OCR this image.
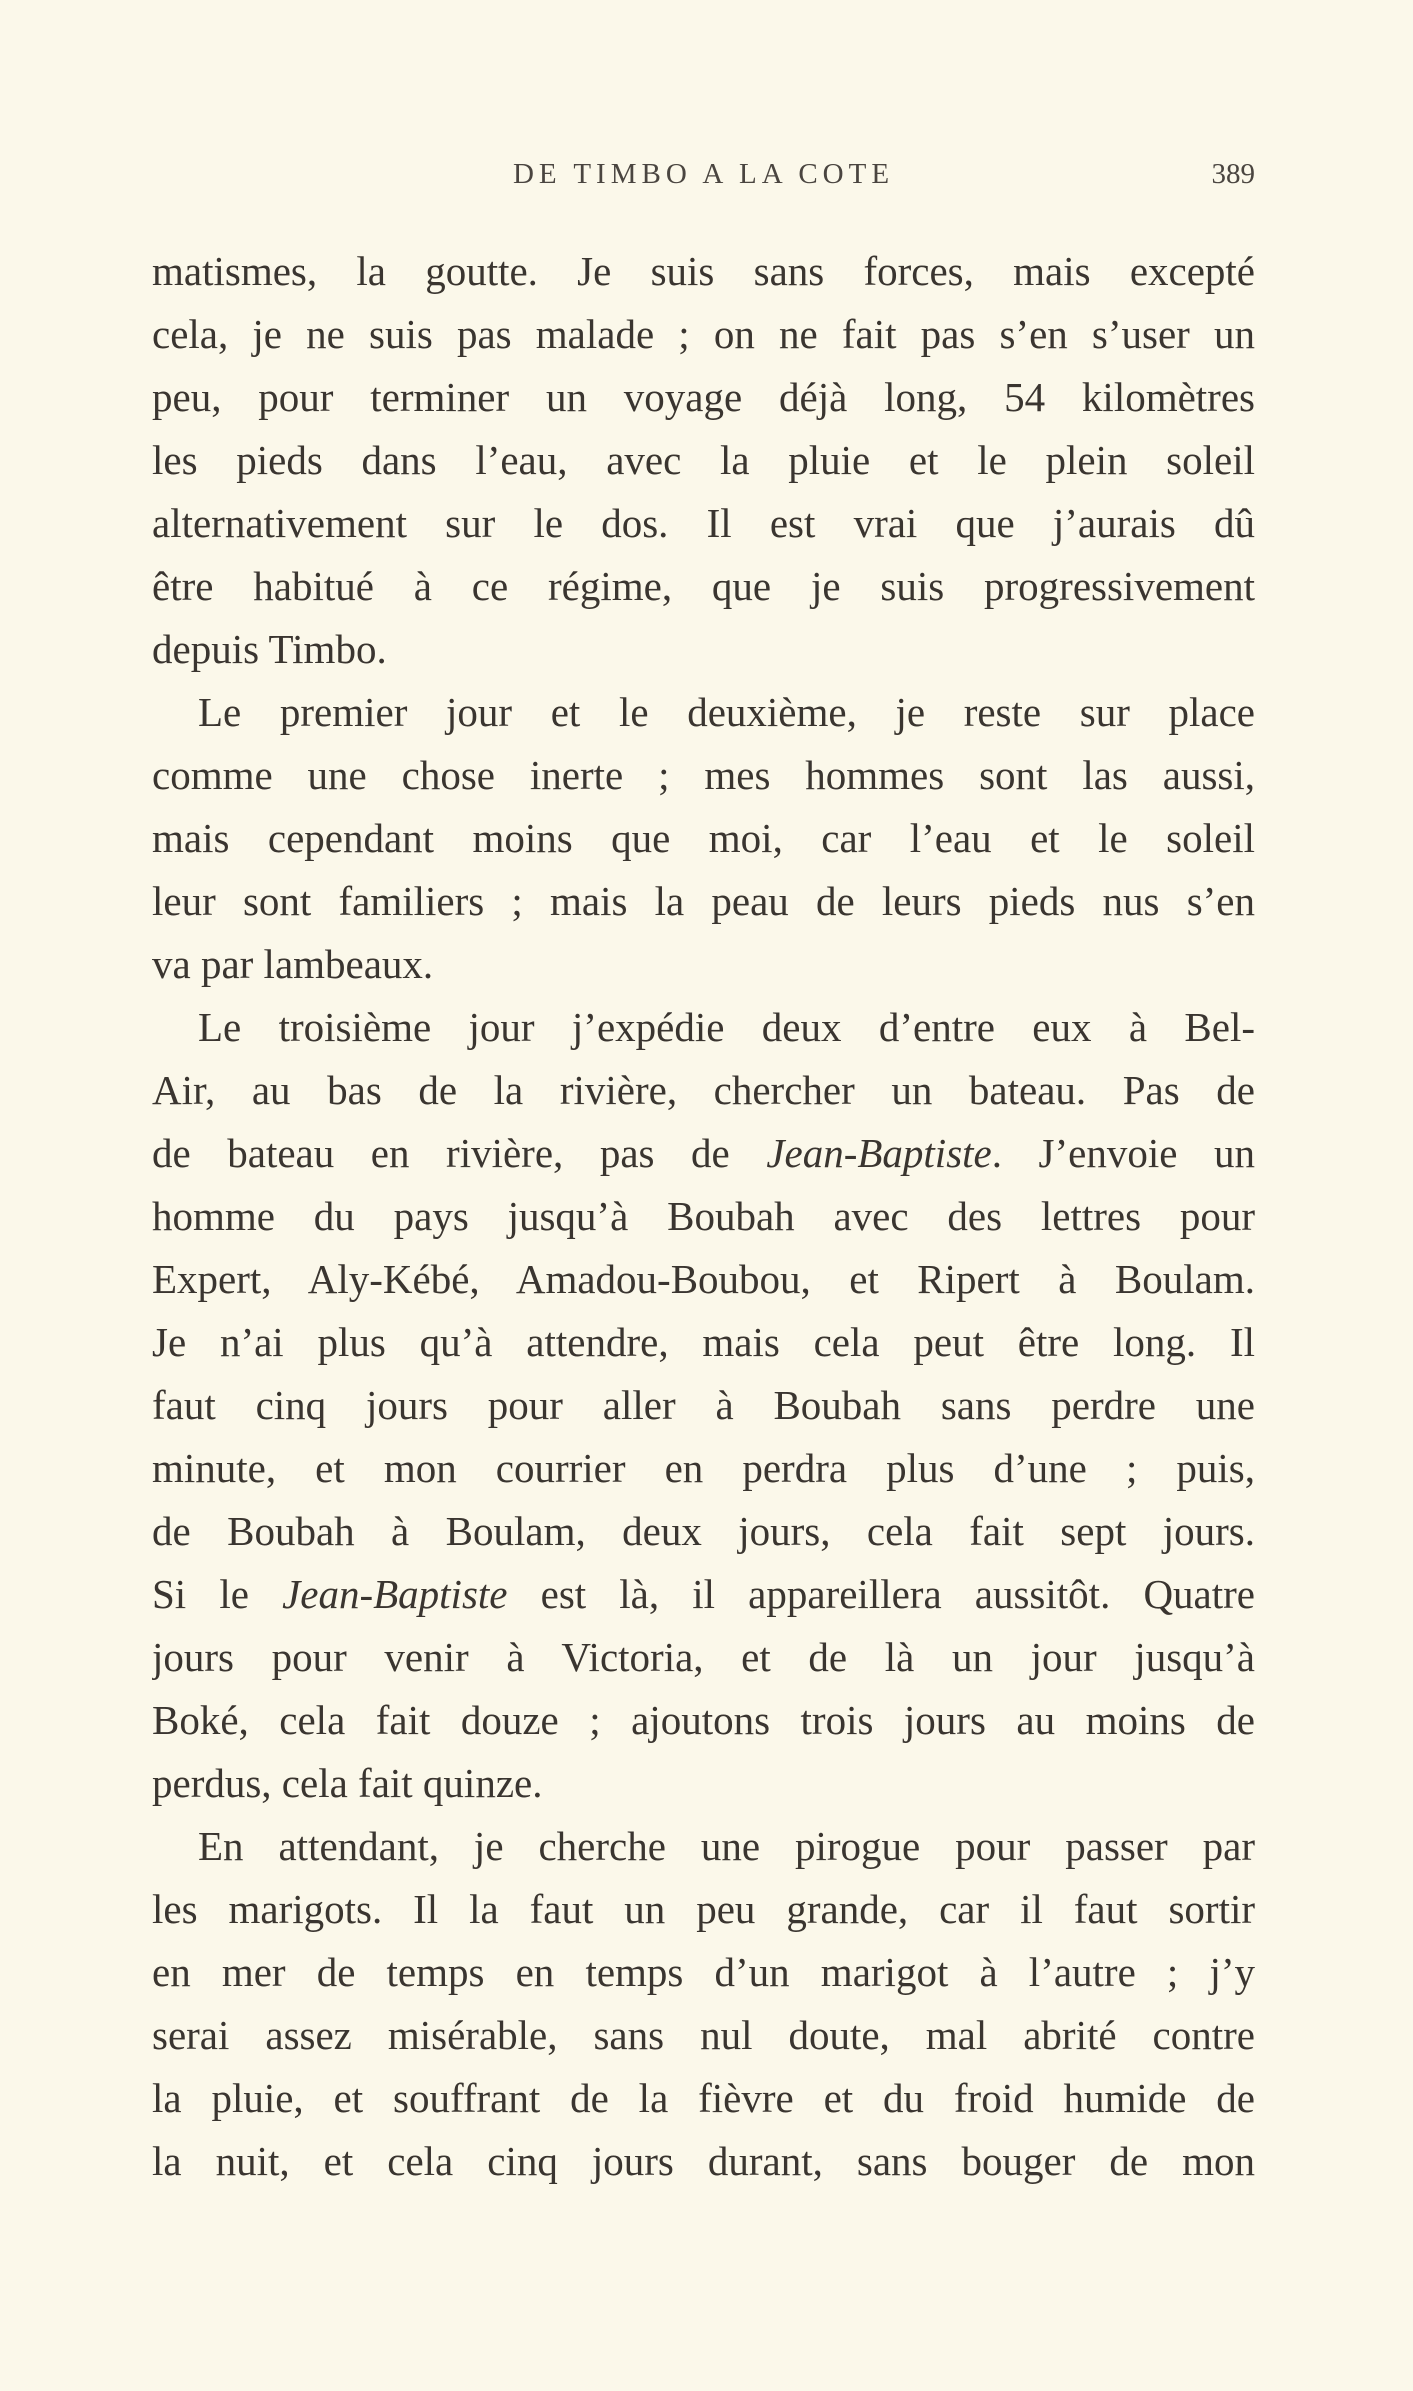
DE TIMBO A LA COTE	389
matismes, la goutte. Je suis sans forces, mais excepté
cela, je ne suis pas malade ; on ne fait pas s’en s’user un
peu, pour terminer un voyage déjà long, 54 kilomètres
les pieds dans l’eau, avec la pluie et le plein soleil
alternativement sur le dos. Il est vrai que j’aurais dû
être habitué à ce régime, que je suis progressivement
depuis Timbo.
Le premier jour et le deuxième, je reste sur place
comme une chose inerte ; mes hommes sont las aussi,
mais cependant moins que moi, car l’eau et le soleil
leur sont familiers ; mais la peau de leurs pieds nus s’en
va par lambeaux.
Le troisième jour j’expédie deux d’entre eux à Bel-
Air, au bas de la rivière, chercher un bateau. Pas de
de bateau en rivière, pas de Jean-Baptiste. J’envoie un
homme du pays jusqu’à Boubah avec des lettres pour
Expert, Aly-Kébé, Amadou-Boubou, et Ripert à Boulam.
Je n’ai plus qu’à attendre, mais cela peut être long. Il
faut cinq jours pour aller à Boubah sans perdre une
minute, et mon courrier en perdra plus d’une ; puis,
de Boubah à Boulam, deux jours, cela fait sept jours.
Si le Jean-Baptiste est là, il appareillera aussitôt. Quatre
jours pour venir à Victoria, et de là un jour jusqu’à
Boké, cela fait douze ; ajoutons trois jours au moins de
perdus, cela fait quinze.
En attendant, je cherche une pirogue pour passer par
les marigots. Il la faut un peu grande, car il faut sortir
en mer de temps en temps d’un marigot à l’autre ; j’y
serai assez misérable, sans nul doute, mal abrité contre
la pluie, et souffrant de la fièvre et du froid humide de
la nuit, et cela cinq jours durant, sans bouger de mon
